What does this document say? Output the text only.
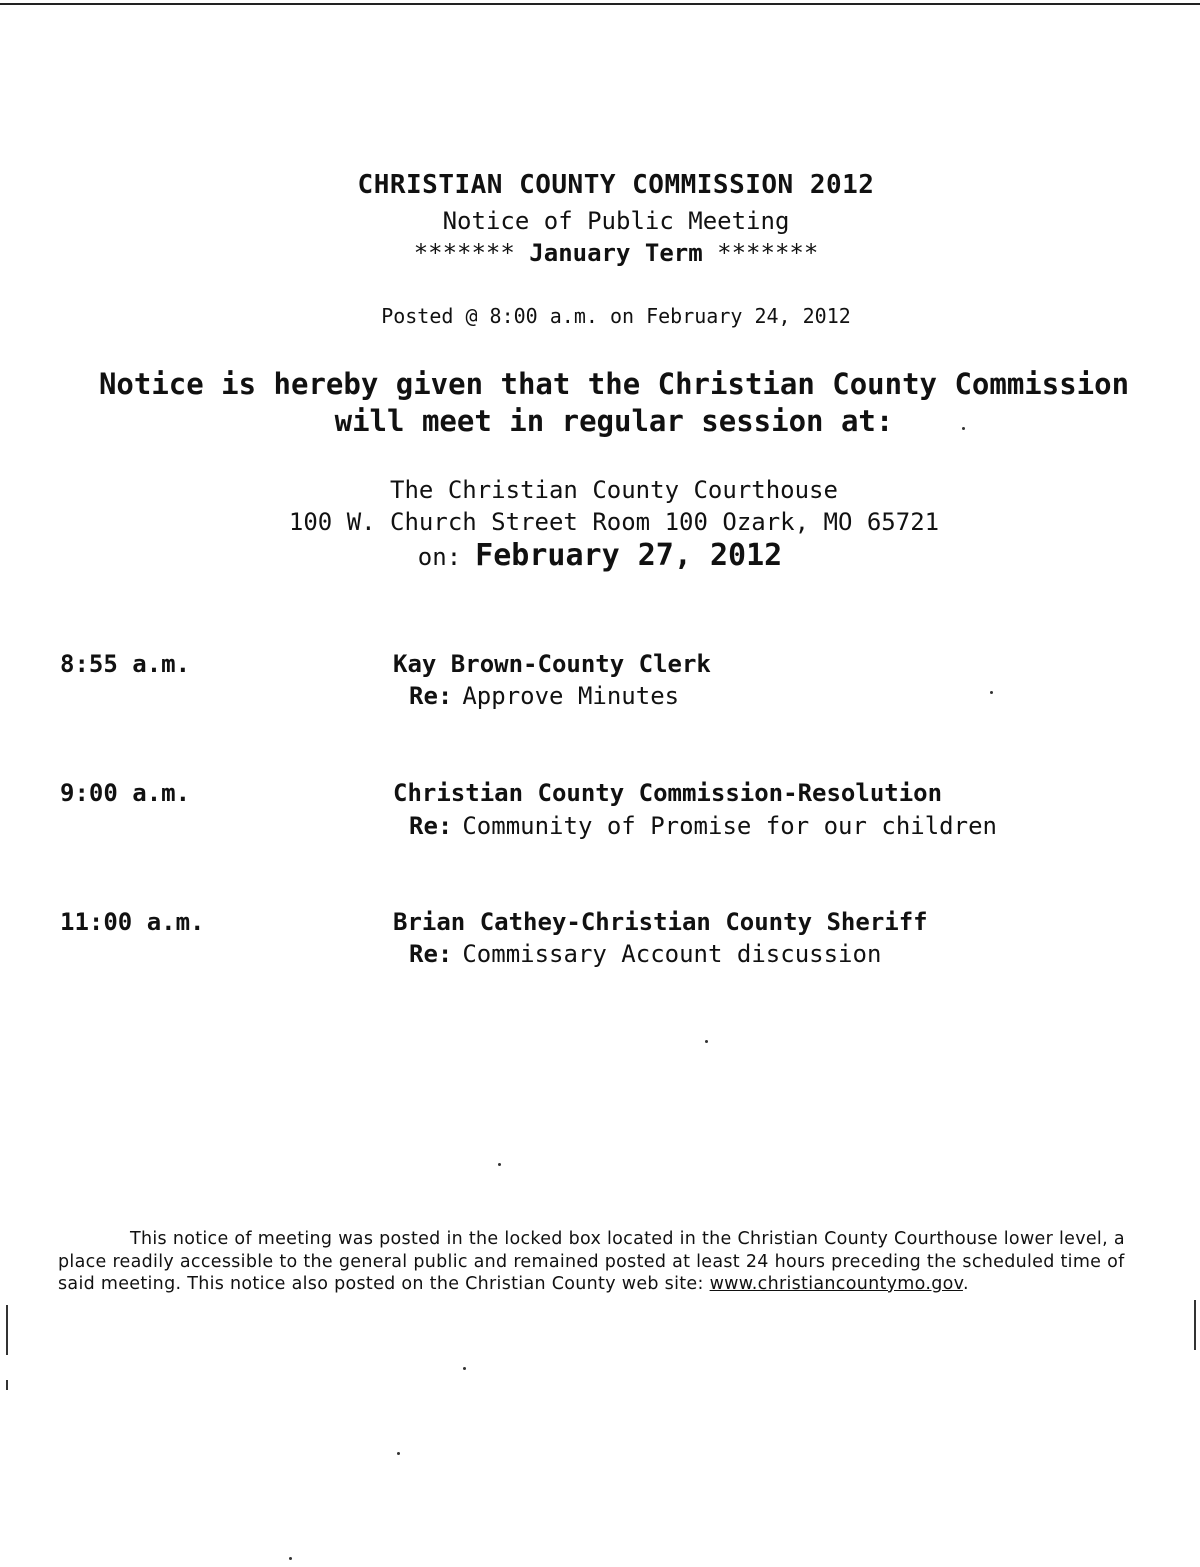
CHRISTIAN COUNTY COMMISSION 2012
Notice of Public Meeting
******* January Term *******
Posted @ 8:00 a.m. on February 24, 2012
Notice is hereby given that the Christian County Commission
will meet in regular session at:
The Christian County Courthouse
100 W. Church Street Room 100 Ozark, MO 65721
on: February 27, 2012
8:55 a.m.	Kay Brown-County Clerk
Re: Approve Minutes
9:00 a.m.	Christian County Commission-Resolution
Re: Community of Promise for our children
11:00 a.m.	Brian Cathey-Christian County Sheriff
Re: Commissary Account discussion
This notice of meeting was posted in the locked box located in the Christian County Courthouse lower level, a place readily accessible to the general public and remained posted at least 24 hours preceding the scheduled time of said meeting. This notice also posted on the Christian County web site: www.christiancountymo.gov.
